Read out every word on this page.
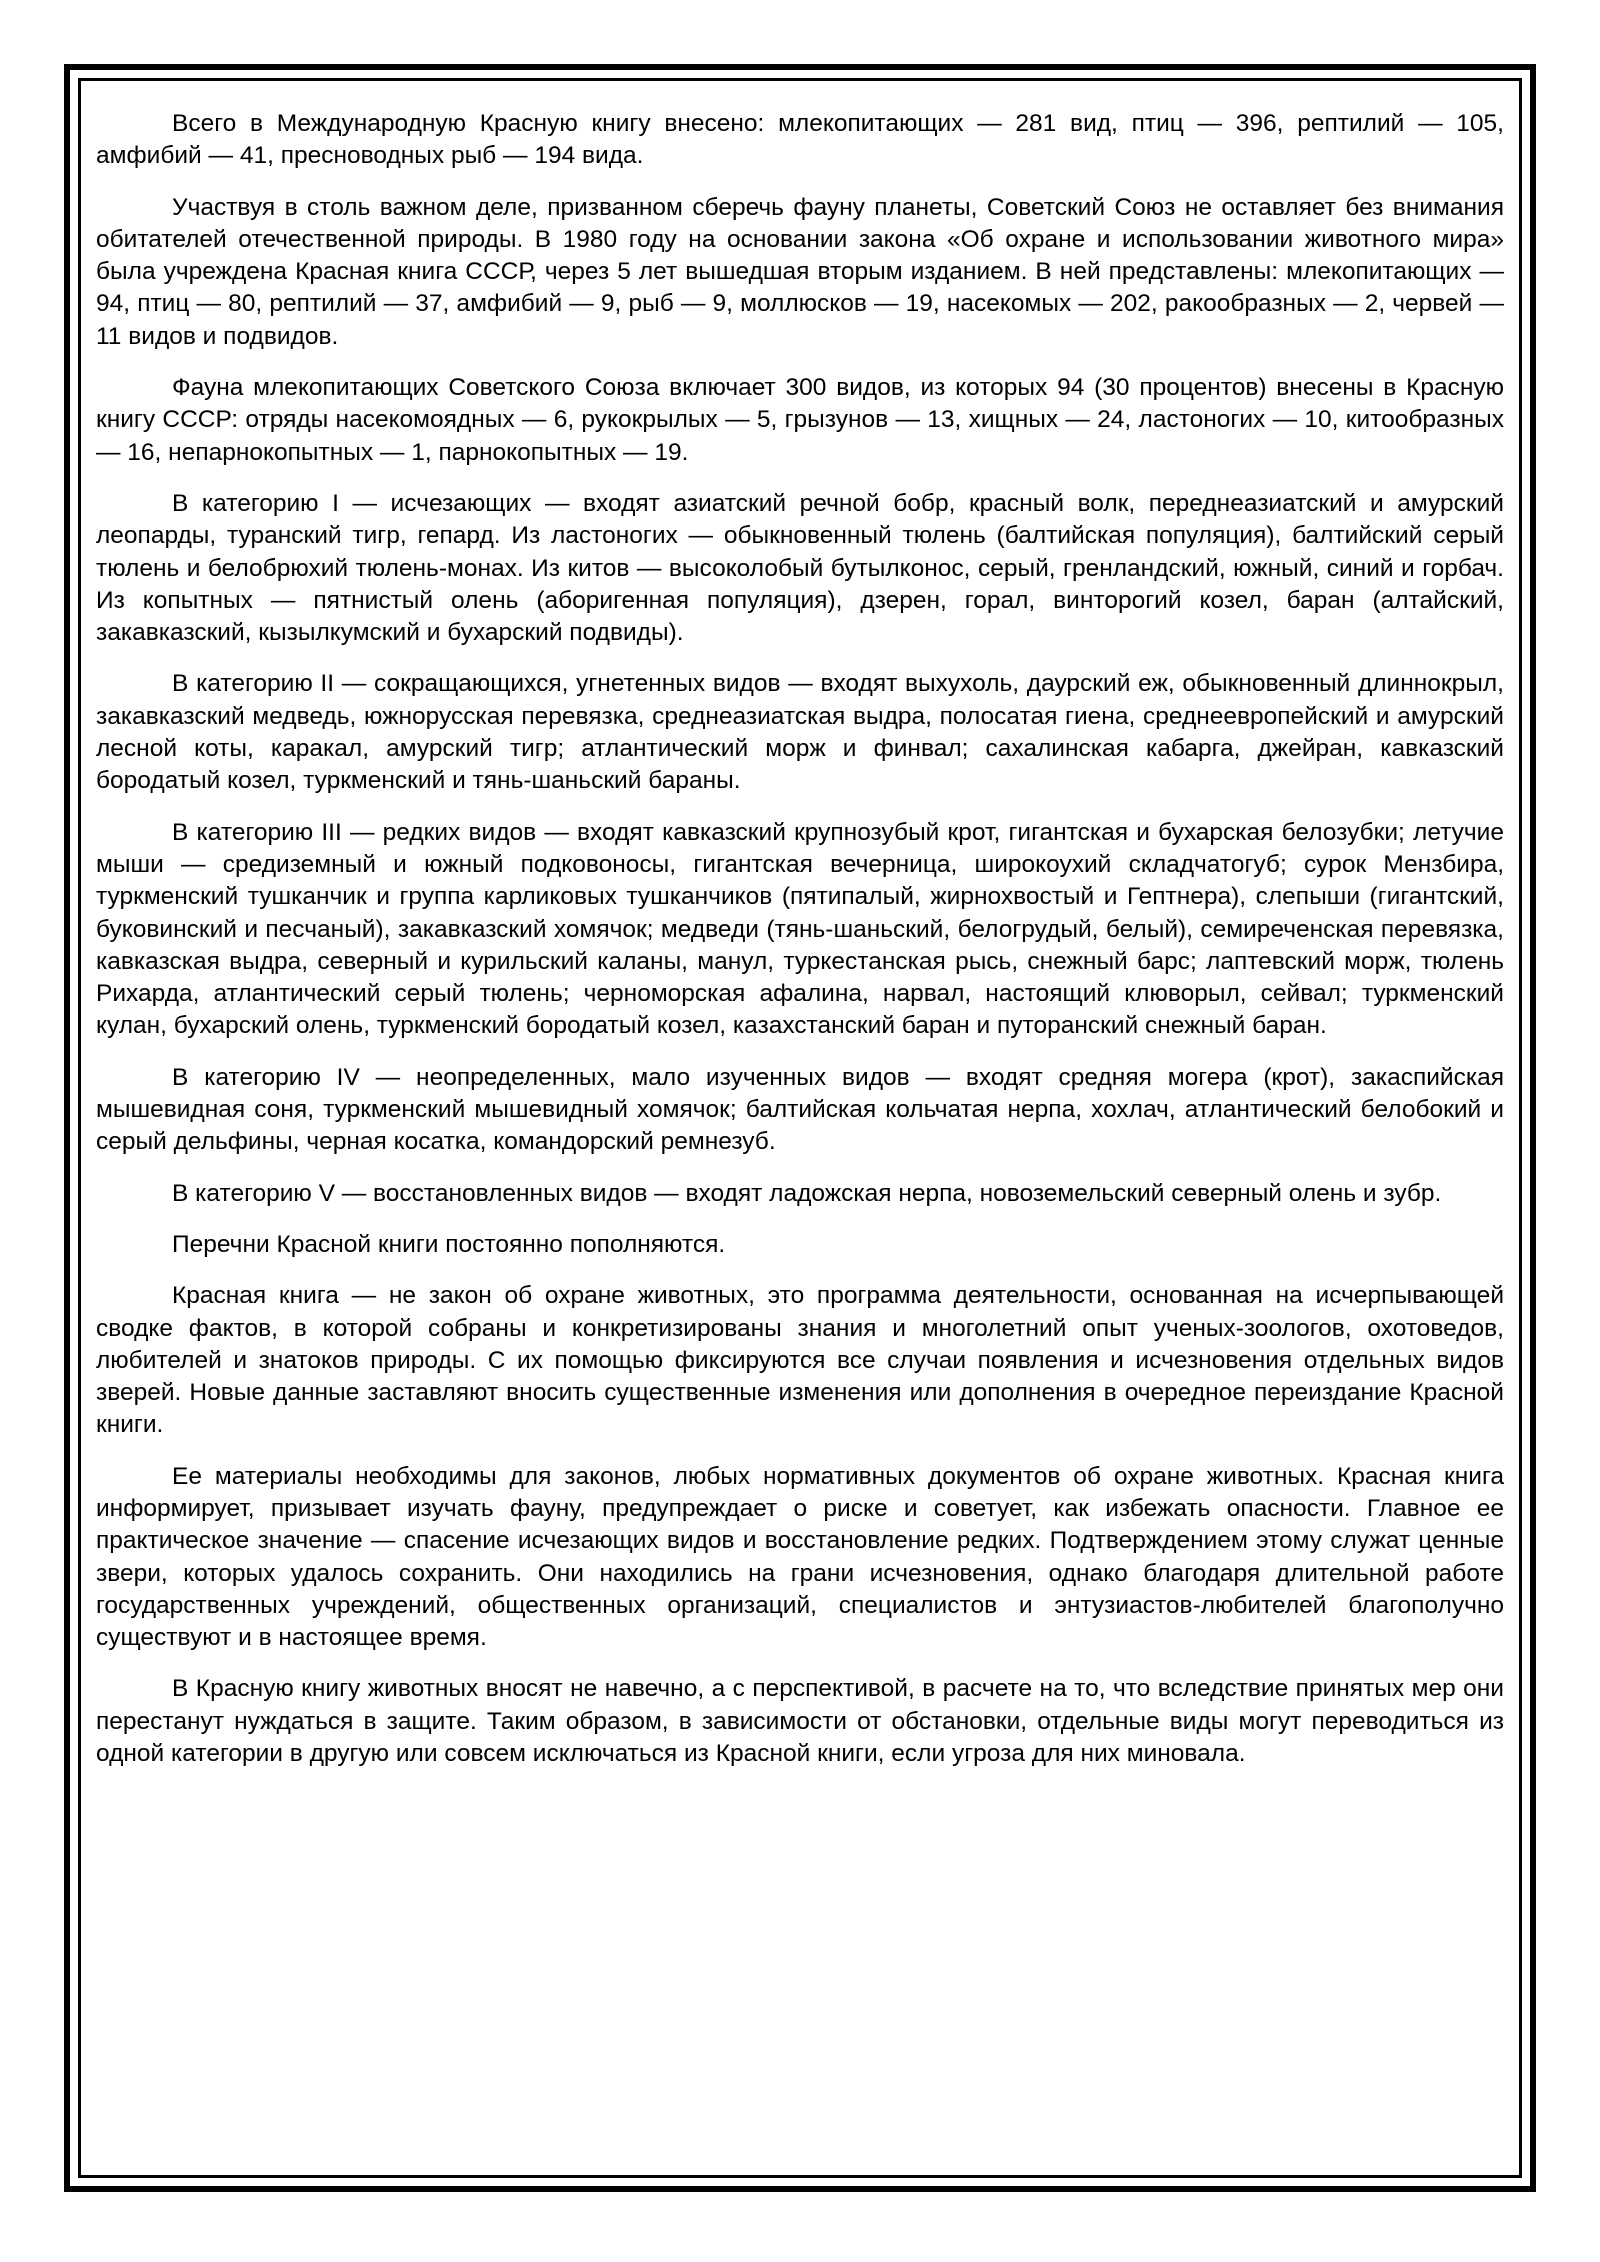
Всего в Международную Красную книгу внесено: млекопитающих — 281 вид, птиц — 396, рептилий — 105, амфибий — 41, пресноводных рыб — 194 вида.

Участвуя в столь важном деле, призванном сберечь фауну планеты, Советский Союз не оставляет без внимания обитателей отечественной природы. В 1980 году на основании закона «Об охране и использовании животного мира» была учреждена Красная книга СССР, через 5 лет вышедшая вторым изданием. В ней представлены: млекопитающих — 94, птиц — 80, рептилий — 37, амфибий — 9, рыб — 9, моллюсков — 19, насекомых — 202, ракообразных — 2, червей — 11 видов и подвидов.

Фауна млекопитающих Советского Союза включает 300 видов, из которых 94 (30 процентов) внесены в Красную книгу СССР: отряды насекомоядных — 6, рукокрылых — 5, грызунов — 13, хищных — 24, ластоногих — 10, китообразных — 16, непарнокопытных — 1, парнокопытных — 19.

В категорию I — исчезающих — входят азиатский речной бобр, красный волк, переднеазиатский и амурский леопарды, туранский тигр, гепард. Из ластоногих — обыкновенный тюлень (балтийская популяция), балтийский серый тюлень и белобрюхий тюлень-монах. Из китов — высоколобый бутылконос, серый, гренландский, южный, синий и горбач. Из копытных — пятнистый олень (аборигенная популяция), дзерен, горал, винторогий козел, баран (алтайский, закавказский, кызылкумский и бухарский подвиды).

В категорию II — сокращающихся, угнетенных видов — входят выхухоль, даурский еж, обыкновенный длиннокрыл, закавказский медведь, южнорусская перевязка, среднеазиатская выдра, полосатая гиена, среднеевропейский и амурский лесной коты, каракал, амурский тигр; атлантический морж и финвал; сахалинская кабарга, джейран, кавказский бородатый козел, туркменский и тянь-шаньский бараны.

В категорию III — редких видов — входят кавказский крупнозубый крот, гигантская и бухарская белозубки; летучие мыши — средиземный и южный подковоносы, гигантская вечерница, широкоухий складчатогуб; сурок Мензбира, туркменский тушканчик и группа карликовых тушканчиков (пятипалый, жирнохвостый и Гептнера), слепыши (гигантский, буковинский и песчаный), закавказский хомячок; медведи (тянь-шаньский, белогрудый, белый), семиреченская перевязка, кавказская выдра, северный и курильский каланы, манул, туркестанская рысь, снежный барс; лаптевский морж, тюлень Рихарда, атлантический серый тюлень; черноморская афалина, нарвал, настоящий клюворыл, сейвал; туркменский кулан, бухарский олень, туркменский бородатый козел, казахстанский баран и путоранский снежный баран.

В категорию IV — неопределенных, мало изученных видов — входят средняя могера (крот), закаспийская мышевидная соня, туркменский мышевидный хомячок; балтийская кольчатая нерпа, хохлач, атлантический белобокий и серый дельфины, черная косатка, командорский ремнезуб.

В категорию V — восстановленных видов — входят ладожская нерпа, новоземельский северный олень и зубр.

Перечни Красной книги постоянно пополняются.

Красная книга — не закон об охране животных, это программа деятельности, основанная на исчерпывающей сводке фактов, в которой собраны и конкретизированы знания и многолетний опыт ученых-зоологов, охотоведов, любителей и знатоков природы. С их помощью фиксируются все случаи появления и исчезновения отдельных видов зверей. Новые данные заставляют вносить существенные изменения или дополнения в очередное переиздание Красной книги.

Ее материалы необходимы для законов, любых нормативных документов об охране животных. Красная книга информирует, призывает изучать фауну, предупреждает о риске и советует, как избежать опасности. Главное ее практическое значение — спасение исчезающих видов и восстановление редких. Подтверждением этому служат ценные звери, которых удалось сохранить. Они находились на грани исчезновения, однако благодаря длительной работе государственных учреждений, общественных организаций, специалистов и энтузиастов-любителей благополучно существуют и в настоящее время.

В Красную книгу животных вносят не навечно, а с перспективой, в расчете на то, что вследствие принятых мер они перестанут нуждаться в защите. Таким образом, в зависимости от обстановки, отдельные виды могут переводиться из одной категории в другую или совсем исключаться из Красной книги, если угроза для них миновала.
